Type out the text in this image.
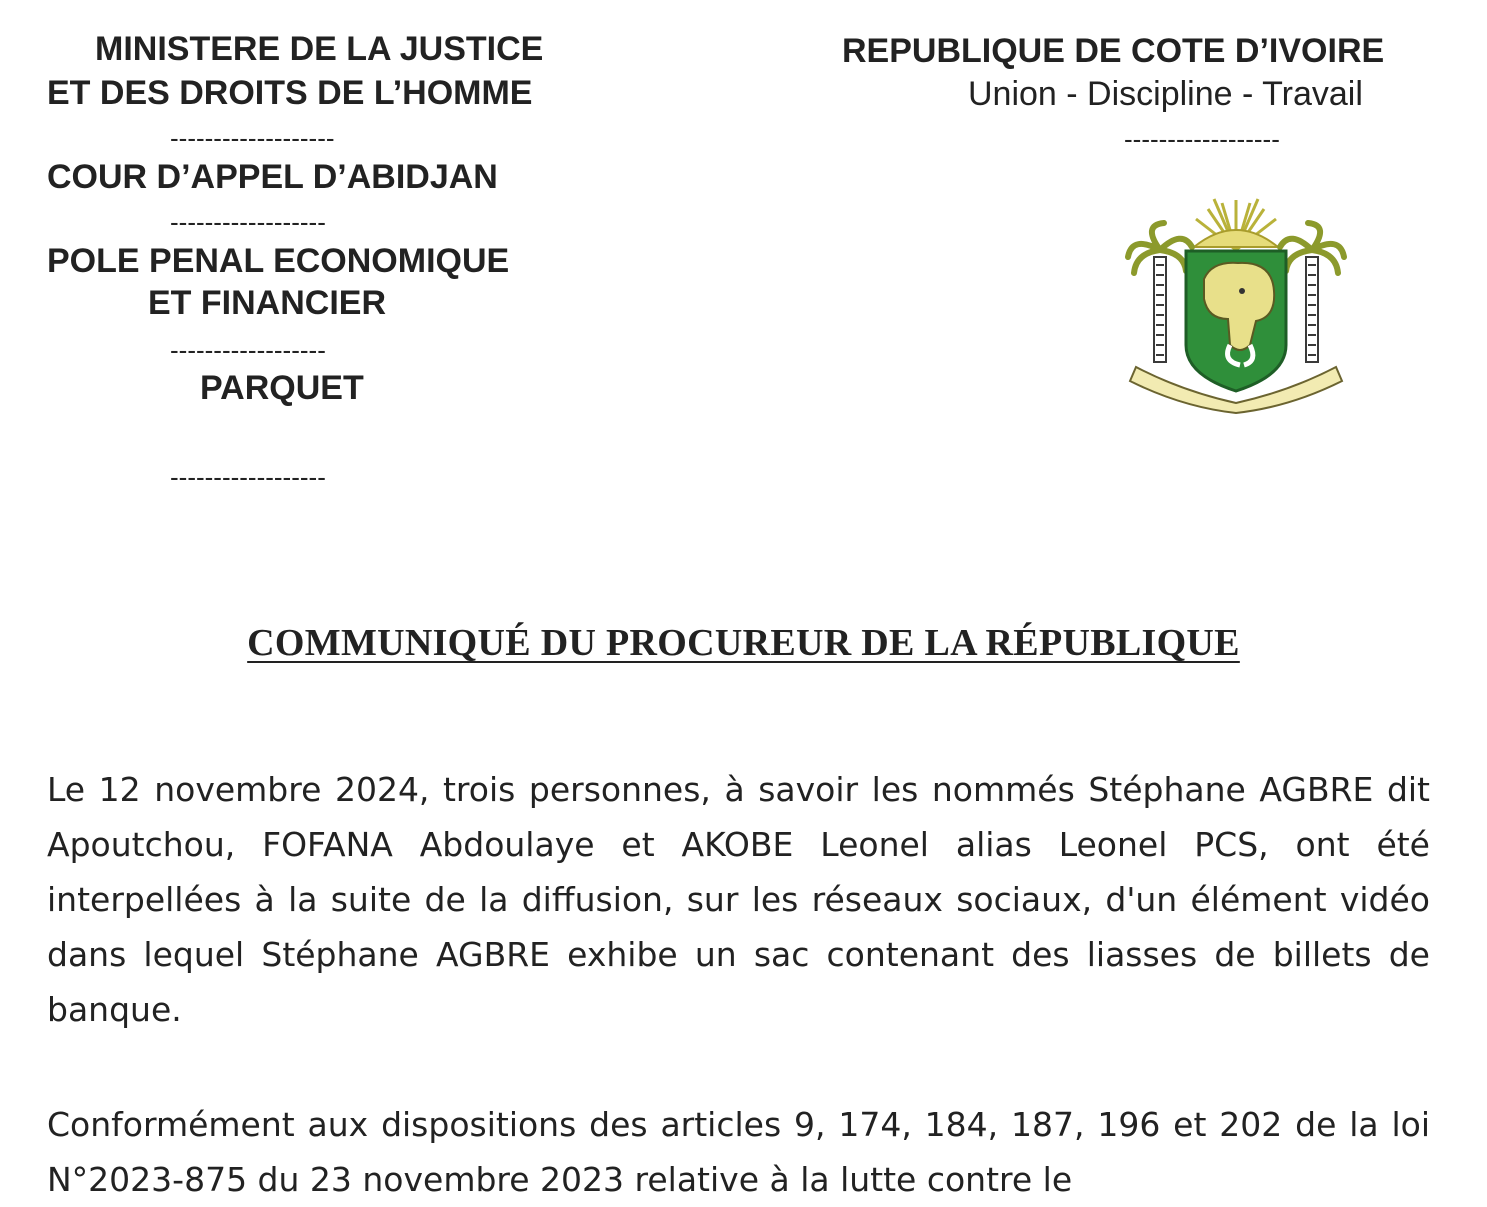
MINISTERE DE LA JUSTICE
ET DES DROITS DE L’HOMME
-------------------
COUR D’APPEL D’ABIDJAN
------------------
POLE PENAL ECONOMIQUE
ET FINANCIER
------------------
PARQUET
------------------
REPUBLIQUE DE COTE D’IVOIRE
Union - Discipline - Travail
------------------
COMMUNIQUÉ DU PROCUREUR DE LA RÉPUBLIQUE

Le 12 novembre 2024, trois personnes, à savoir les nommés Stéphane AGBRE dit Apoutchou, FOFANA Abdoulaye et AKOBE Leonel alias Leonel PCS, ont été interpellées à la suite de la diffusion, sur les réseaux sociaux, d'un élément vidéo dans lequel Stéphane AGBRE exhibe un sac contenant des liasses de billets de banque.

Conformément aux dispositions des articles 9, 174, 184, 187, 196 et 202 de la loi N°2023-875 du 23 novembre 2023 relative à la lutte contre le
